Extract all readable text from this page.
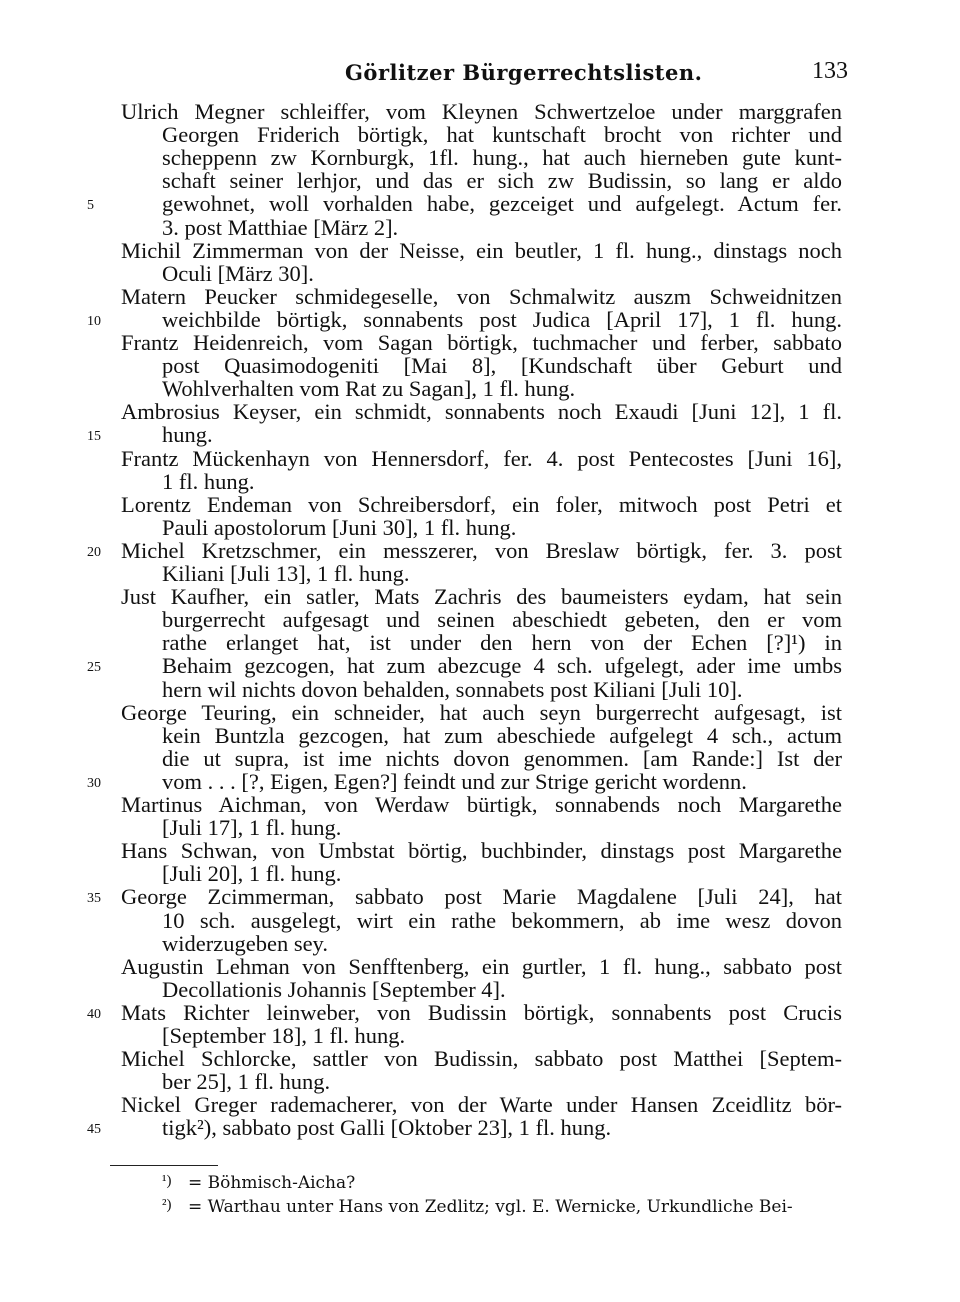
Görlitzer Bürgerrechtslisten.	133
Ulrich Megner schleiffer, vom Kleynen Schwertzeloe under marggrafen
Georgen Friderich börtigk, hat kuntschaft brocht von richter und
scheppenn zw Kornburgk, 1fl. hung., hat auch hierneben gute kunt-
schaft seiner lerhjor, und das er sich zw Budissin, so lang er aldo
gewohnet, woll vorhalden habe, gezceiget und aufgelegt. Actum fer.
5
3. post Matthiae [März 2].
Michil Zimmerman von der Neisse, ein beutler, 1 fl. hung., dinstags noch
Oculi [März 30].
Matern Peucker schmidegeselle, von Schmalwitz auszm Schweidnitzen
weichbilde börtigk, sonnabents post Judica [April 17], 1 fl. hung.
10
Frantz Heidenreich, vom Sagan börtigk, tuchmacher und ferber, sabbato
post Quasimodogeniti [Mai 8], [Kundschaft über Geburt und
Wohlverhalten vom Rat zu Sagan], 1 fl. hung.
Ambrosius Keyser, ein schmidt, sonnabents noch Exaudi [Juni 12], 1 fl.
hung.
15
Frantz Mückenhayn von Hennersdorf, fer. 4. post Pentecostes [Juni 16],
1 fl. hung.
Lorentz Endeman von Schreibersdorf, ein foler, mitwoch post Petri et
Pauli apostolorum [Juni 30], 1 fl. hung.
Michel Kretzschmer, ein messzerer, von Breslaw börtigk, fer. 3. post
20
Kiliani [Juli 13], 1 fl. hung.
Just Kaufher, ein satler, Mats Zachris des baumeisters eydam, hat sein
burgerrecht aufgesagt und seinen abeschiedt gebeten, den er vom
rathe erlanget hat, ist under den hern von der Echen [?]¹) in
Behaim gezcogen, hat zum abezcuge 4 sch. ufgelegt, ader ime umbs
25
hern wil nichts dovon behalden, sonnabets post Kiliani [Juli 10].
George Teuring, ein schneider, hat auch seyn burgerrecht aufgesagt, ist
kein Buntzla gezcogen, hat zum abeschiede aufgelegt 4 sch., actum
die ut supra, ist ime nichts dovon genommen. [am Rande:] Ist der
vom . . . [?, Eigen, Egen?] feindt und zur Strige gericht wordenn.
30
Martinus Aichman, von Werdaw bürtigk, sonnabends noch Margarethe
[Juli 17], 1 fl. hung.
Hans Schwan, von Umbstat börtig, buchbinder, dinstags post Margarethe
[Juli 20], 1 fl. hung.
George Zcimmerman, sabbato post Marie Magdalene [Juli 24], hat
35
10 sch. ausgelegt, wirt ein rathe bekommern, ab ime wesz dovon
widerzugeben sey.
Augustin Lehman von Senfftenberg, ein gurtler, 1 fl. hung., sabbato post
Decollationis Johannis [September 4].
Mats Richter leinweber, von Budissin börtigk, sonnabents post Crucis
40
[September 18], 1 fl. hung.
Michel Schlorcke, sattler von Budissin, sabbato post Matthei [Septem-
ber 25], 1 fl. hung.
Nickel Greger rademacherer, von der Warte under Hansen Zceidlitz bör-
tigk²), sabbato post Galli [Oktober 23], 1 fl. hung.
45
¹) = Böhmisch-Aicha?
²) = Warthau unter Hans von Zedlitz; vgl. E. Wernicke, Urkundliche Bei-
